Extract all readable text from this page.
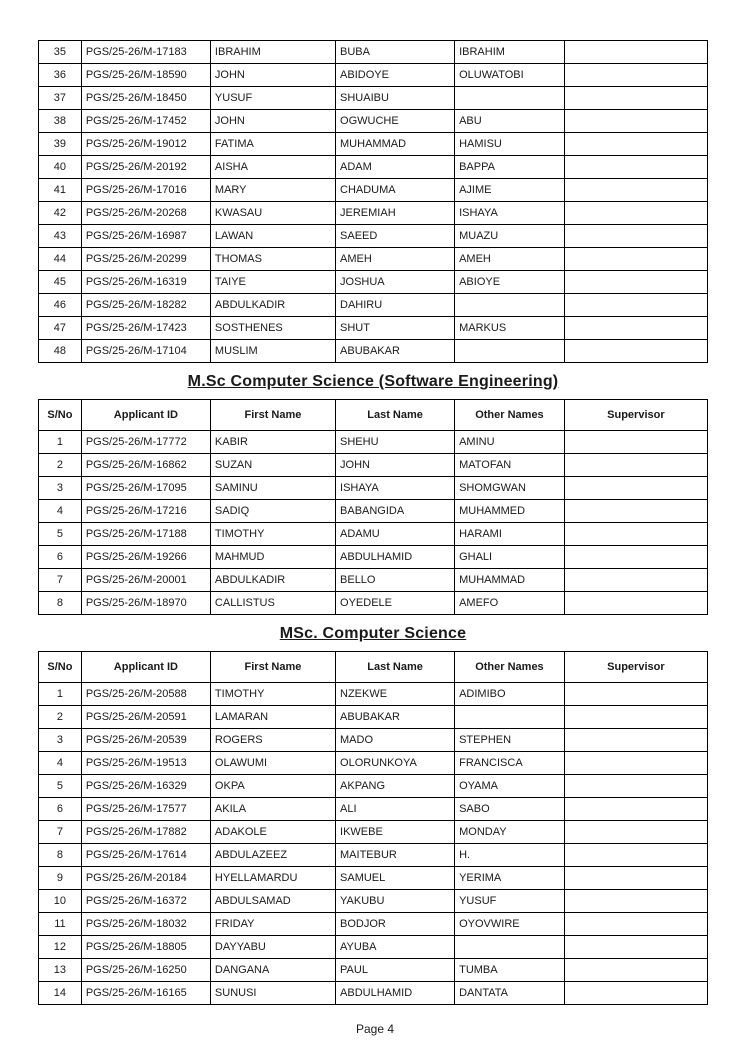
35	PGS/25-26/M-17183	IBRAHIM	BUBA	IBRAHIM	
36	PGS/25-26/M-18590	JOHN	ABIDOYE	OLUWATOBI	
37	PGS/25-26/M-18450	YUSUF	SHUAIBU		
38	PGS/25-26/M-17452	JOHN	OGWUCHE	ABU	
39	PGS/25-26/M-19012	FATIMA	MUHAMMAD	HAMISU	
40	PGS/25-26/M-20192	AISHA	ADAM	BAPPA	
41	PGS/25-26/M-17016	MARY	CHADUMA	AJIME	
42	PGS/25-26/M-20268	KWASAU	JEREMIAH	ISHAYA	
43	PGS/25-26/M-16987	LAWAN	SAEED	MUAZU	
44	PGS/25-26/M-20299	THOMAS	AMEH	AMEH	
45	PGS/25-26/M-16319	TAIYE	JOSHUA	ABIOYE	
46	PGS/25-26/M-18282	ABDULKADIR	DAHIRU		
47	PGS/25-26/M-17423	SOSTHENES	SHUT	MARKUS	
48	PGS/25-26/M-17104	MUSLIM	ABUBAKAR		
M.Sc Computer Science (Software Engineering)
S/No	Applicant ID	First Name	Last Name	Other Names	Supervisor
1	PGS/25-26/M-17772	KABIR	SHEHU	AMINU	
2	PGS/25-26/M-16862	SUZAN	JOHN	MATOFAN	
3	PGS/25-26/M-17095	SAMINU	ISHAYA	SHOMGWAN	
4	PGS/25-26/M-17216	SADIQ	BABANGIDA	MUHAMMED	
5	PGS/25-26/M-17188	TIMOTHY	ADAMU	HARAMI	
6	PGS/25-26/M-19266	MAHMUD	ABDULHAMID	GHALI	
7	PGS/25-26/M-20001	ABDULKADIR	BELLO	MUHAMMAD	
8	PGS/25-26/M-18970	CALLISTUS	OYEDELE	AMEFO	
MSc. Computer Science
S/No	Applicant ID	First Name	Last Name	Other Names	Supervisor
1	PGS/25-26/M-20588	TIMOTHY	NZEKWE	ADIMIBO	
2	PGS/25-26/M-20591	LAMARAN	ABUBAKAR		
3	PGS/25-26/M-20539	ROGERS	MADO	STEPHEN	
4	PGS/25-26/M-19513	OLAWUMI	OLORUNKOYA	FRANCISCA	
5	PGS/25-26/M-16329	OKPA	AKPANG	OYAMA	
6	PGS/25-26/M-17577	AKILA	ALI	SABO	
7	PGS/25-26/M-17882	ADAKOLE	IKWEBE	MONDAY	
8	PGS/25-26/M-17614	ABDULAZEEZ	MAITEBUR	H.	
9	PGS/25-26/M-20184	HYELLAMARDU	SAMUEL	YERIMA	
10	PGS/25-26/M-16372	ABDULSAMAD	YAKUBU	YUSUF	
11	PGS/25-26/M-18032	FRIDAY	BODJOR	OYOVWIRE	
12	PGS/25-26/M-18805	DAYYABU	AYUBA		
13	PGS/25-26/M-16250	DANGANA	PAUL	TUMBA	
14	PGS/25-26/M-16165	SUNUSI	ABDULHAMID	DANTATA	
Page 4
